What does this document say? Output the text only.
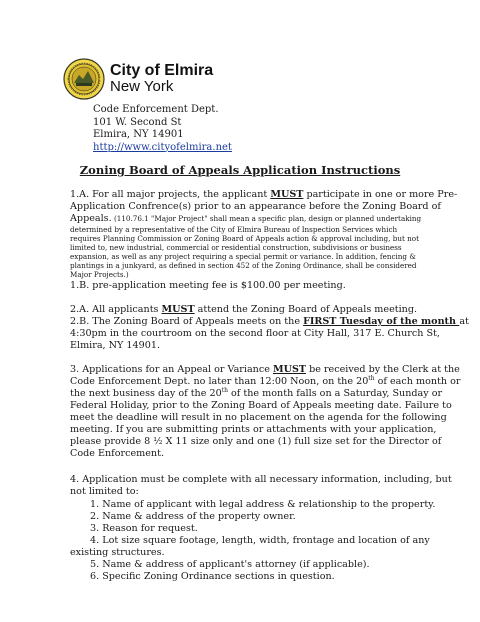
City of Elmira
New York
Code Enforcement Dept.
101 W. Second St
Elmira, NY 14901
http://www.cityofelmira.net
Zoning Board of Appeals Application Instructions
1.A. For all major projects, the applicant MUST participate in one or more Pre-
Application Confrence(s) prior to an appearance before the Zoning Board of
Appeals. (110.76.1 "Major Project" shall mean a specific plan, design or planned undertaking
determined by a representative of the City of Elmira Bureau of Inspection Services which
requires Planning Commission or Zoning Board of Appeals action & approval including, but not
limited to, new industrial, commercial or residential construction, subdivisions or business
expansion, as well as any project requiring a special permit or variance. In addition, fencing &
plantings in a junkyard, as defined in section 452 of the Zoning Ordinance, shall be considered
Major Projects.)
1.B. pre-application meeting fee is $100.00 per meeting.
2.A. All applicants MUST attend the Zoning Board of Appeals meeting.
2.B. The Zoning Board of Appeals meets on the FIRST Tuesday of the month at
4:30pm in the courtroom on the second floor at City Hall, 317 E. Church St,
Elmira, NY 14901.
3. Applications for an Appeal or Variance MUST be received by the Clerk at the
Code Enforcement Dept. no later than 12:00 Noon, on the 20th of each month or
the next business day of the 20th of the month falls on a Saturday, Sunday or
Federal Holiday, prior to the Zoning Board of Appeals meeting date. Failure to
meet the deadline will result in no placement on the agenda for the following
meeting. If you are submitting prints or attachments with your application,
please provide 8 ½ X 11 size only and one (1) full size set for the Director of
Code Enforcement.
4. Application must be complete with all necessary information, including, but
not limited to:
1. Name of applicant with legal address & relationship to the property.
2. Name & address of the property owner.
3. Reason for request.
4. Lot size square footage, length, width, frontage and location of any
existing structures.
5. Name & address of applicant's attorney (if applicable).
6. Specific Zoning Ordinance sections in question.
